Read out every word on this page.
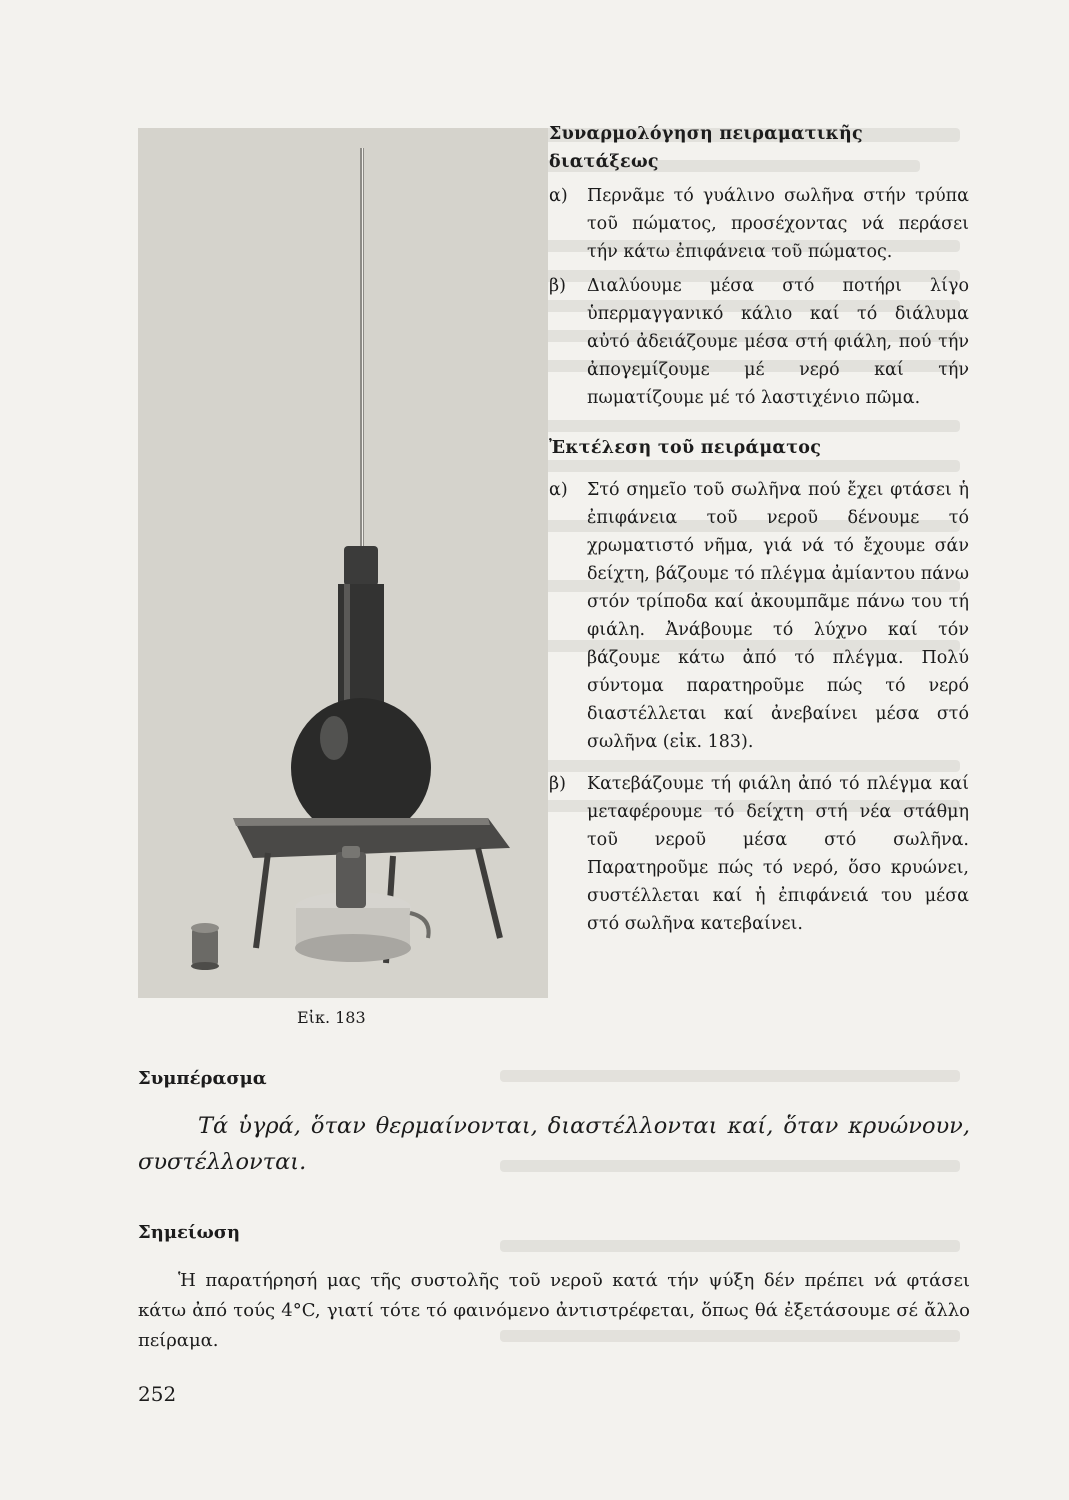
Εἰκ. 183
Συναρμολόγηση πειραματικῆς διατάξεως
α)	Περνᾶμε τό γυάλινο σωλῆνα στήν τρύπα τοῦ πώματος, προσέχοντας νά περάσει τήν κάτω ἐπιφάνεια τοῦ πώματος.
β)	Διαλύουμε μέσα στό ποτήρι λίγο ὑπερμαγγανικό κάλιο καί τό διάλυμα αὐτό ἀδειάζουμε μέσα στή φιάλη, πού τήν ἀπογεμίζουμε μέ νερό καί τήν πωματίζουμε μέ τό λαστιχένιο πῶμα.
Ἐκτέλεση τοῦ πειράματος
α)	Στό σημεῖο τοῦ σωλῆνα πού ἔχει φτάσει ἡ ἐπιφάνεια τοῦ νεροῦ δένουμε τό χρωματιστό νῆμα, γιά νά τό ἔχουμε σάν δείχτη, βάζουμε τό πλέγμα ἀμίαντου πάνω στόν τρίποδα καί ἀκουμπᾶμε πάνω του τή φιάλη. Ἀνάβουμε τό λύχνο καί τόν βάζουμε κάτω ἀπό τό πλέγμα. Πολύ σύντομα παρατηροῦμε πώς τό νερό διαστέλλεται καί ἀνεβαίνει μέσα στό σωλῆνα (εἰκ. 183).
β)	Κατεβάζουμε τή φιάλη ἀπό τό πλέγμα καί μεταφέρουμε τό δείχτη στή νέα στάθμη τοῦ νεροῦ μέσα στό σωλῆνα. Παρατηροῦμε πώς τό νερό, ὅσο κρυώνει, συστέλλεται καί ἡ ἐπιφάνειά του μέσα στό σωλῆνα κατεβαίνει.
Συμπέρασμα
Τά ὑγρά, ὅταν θερμαίνονται, διαστέλλονται καί, ὅταν κρυώνουν, συστέλλονται.
Σημείωση
Ἡ παρατήρησή μας τῆς συστολῆς τοῦ νεροῦ κατά τήν ψύξη δέν πρέπει νά φτάσει κάτω ἀπό τούς 4°C, γιατί τότε τό φαινόμενο ἀντιστρέφεται, ὅπως θά ἐξετάσουμε σέ ἄλλο πείραμα.
252
